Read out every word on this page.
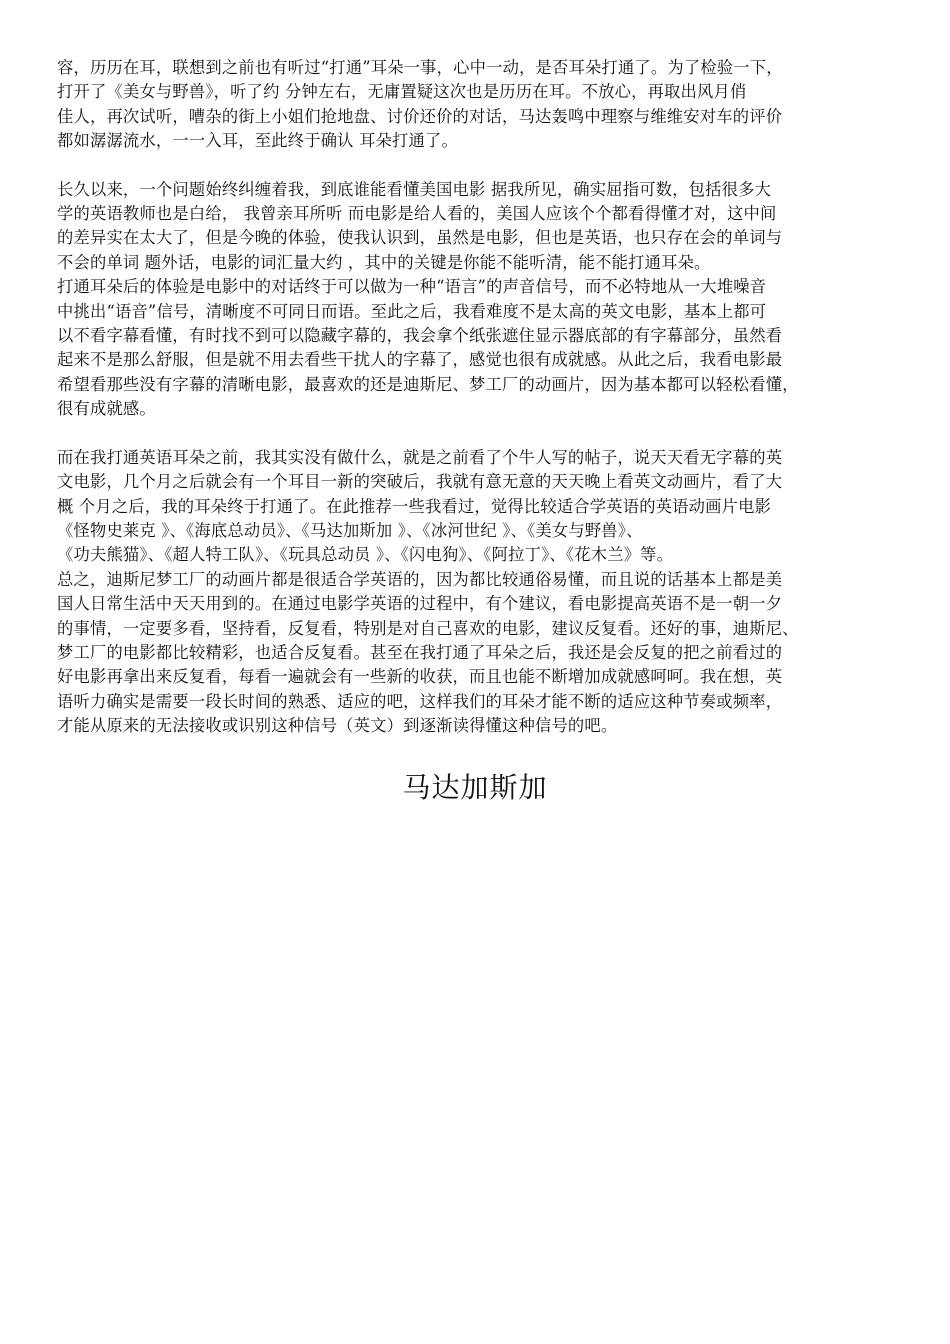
容，历历在耳，联想到之前也有听过“打通”耳朵一事，心中一动，是否耳朵打通了。为了检验一下，

打开了《美女与野兽》，听了约 分钟左右，无庸置疑这次也是历历在耳。不放心，再取出风月俏

佳人，再次试听，嘈杂的街上小姐们抢地盘、讨价还价的对话，马达轰鸣中理察与维维安对车的评价

都如潺潺流水，一一入耳，至此终于确认 耳朵打通了。

长久以来，一个问题始终纠缠着我，到底谁能看懂美国电影 据我所见，确实屈指可数，包括很多大

学的英语教师也是白给， 我曾亲耳所听 而电影是给人看的，美国人应该个个都看得懂才对，这中间

的差异实在太大了，但是今晚的体验，使我认识到，虽然是电影，但也是英语，也只存在会的单词与

不会的单词 题外话，电影的词汇量大约 ，其中的关键是你能不能听清，能不能打通耳朵。

打通耳朵后的体验是电影中的对话终于可以做为一种“语言”的声音信号，而不必特地从一大堆噪音

中挑出“语音”信号，清晰度不可同日而语。至此之后，我看难度不是太高的英文电影，基本上都可

以不看字幕看懂，有时找不到可以隐藏字幕的，我会拿个纸张遮住显示器底部的有字幕部分，虽然看

起来不是那么舒服，但是就不用去看些干扰人的字幕了，感觉也很有成就感。从此之后，我看电影最

希望看那些没有字幕的清晰电影，最喜欢的还是迪斯尼、梦工厂的动画片，因为基本都可以轻松看懂，

很有成就感。

而在我打通英语耳朵之前，我其实没有做什么，就是之前看了个牛人写的帖子，说天天看无字幕的英

文电影，几个月之后就会有一个耳目一新的突破后，我就有意无意的天天晚上看英文动画片，看了大

概 个月之后，我的耳朵终于打通了。在此推荐一些我看过，觉得比较适合学英语的英语动画片电影

《怪物史莱克 》、《海底总动员》、《马达加斯加 》、《冰河世纪 》、《美女与野兽》、

《功夫熊猫》、《超人特工队》、《玩具总动员 》、《闪电狗》、《阿拉丁》、《花木兰》等。

总之，迪斯尼梦工厂的动画片都是很适合学英语的，因为都比较通俗易懂，而且说的话基本上都是美

国人日常生活中天天用到的。在通过电影学英语的过程中，有个建议，看电影提高英语不是一朝一夕

的事情，一定要多看，坚持看，反复看，特别是对自己喜欢的电影，建议反复看。还好的事，迪斯尼、

梦工厂的电影都比较精彩，也适合反复看。甚至在我打通了耳朵之后，我还是会反复的把之前看过的

好电影再拿出来反复看，每看一遍就会有一些新的收获，而且也能不断增加成就感呵呵。我在想，英

语听力确实是需要一段长时间的熟悉、适应的吧，这样我们的耳朵才能不断的适应这种节奏或频率，

才能从原来的无法接收或识别这种信号（英文）到逐渐读得懂这种信号的吧。

马达加斯加
